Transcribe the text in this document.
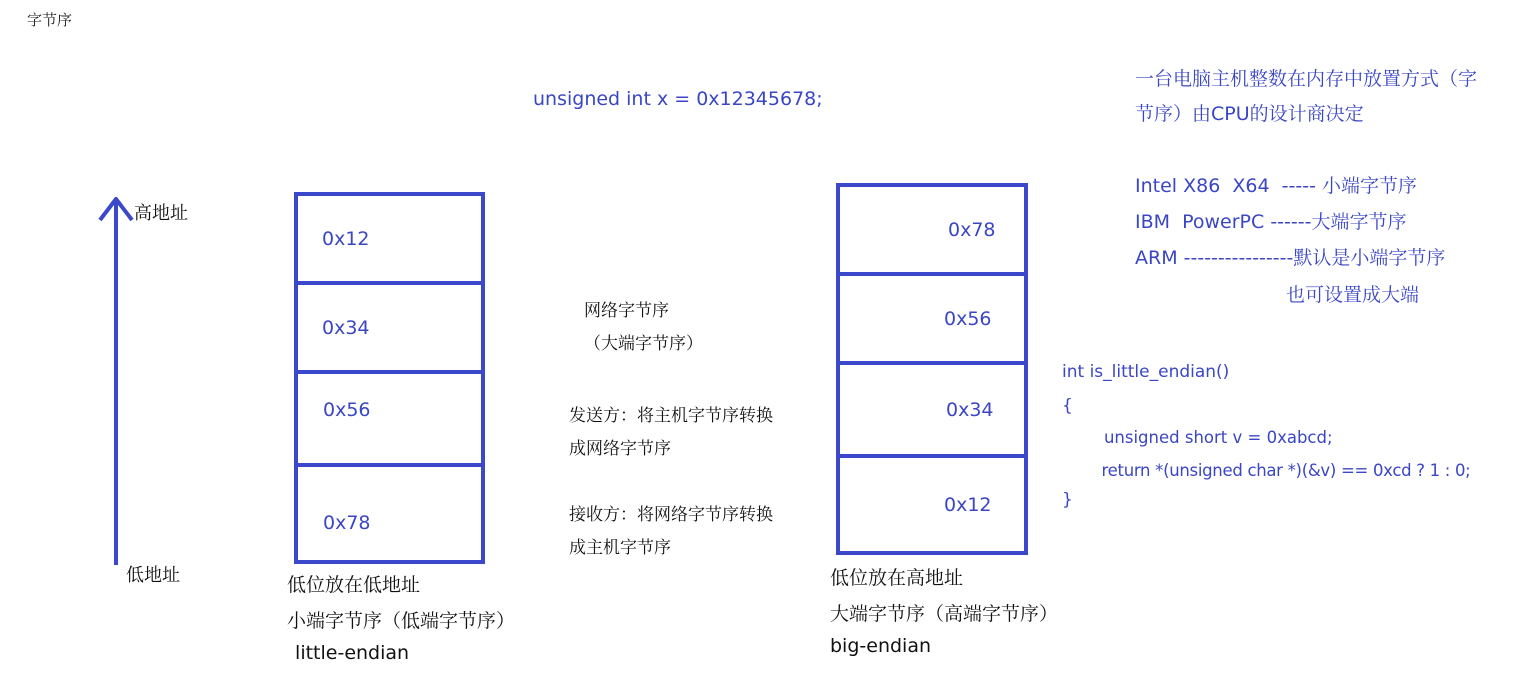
字节序
unsigned int x = 0x12345678;
高地址
低地址
0x12
0x34
0x56
0x78
低位放在低地址
小端字节序（低端字节序）
little-endian
网络字节序
（大端字节序）
发送方：将主机字节序转换
成网络字节序
接收方：将网络字节序转换
成主机字节序
0x78
0x56
0x34
0x12
低位放在高地址
大端字节序（高端字节序）
big-endian
一台电脑主机整数在内存中放置方式（字
节序）由CPU的设计商决定
Intel X86  X64  ----- 小端字节序
IBM  PowerPC ------大端字节序
ARM ----------------默认是小端字节序
也可设置成大端
int is_little_endian()
{
unsigned short v = 0xabcd;
return *(unsigned char *)(&v) == 0xcd ? 1 : 0;
}
